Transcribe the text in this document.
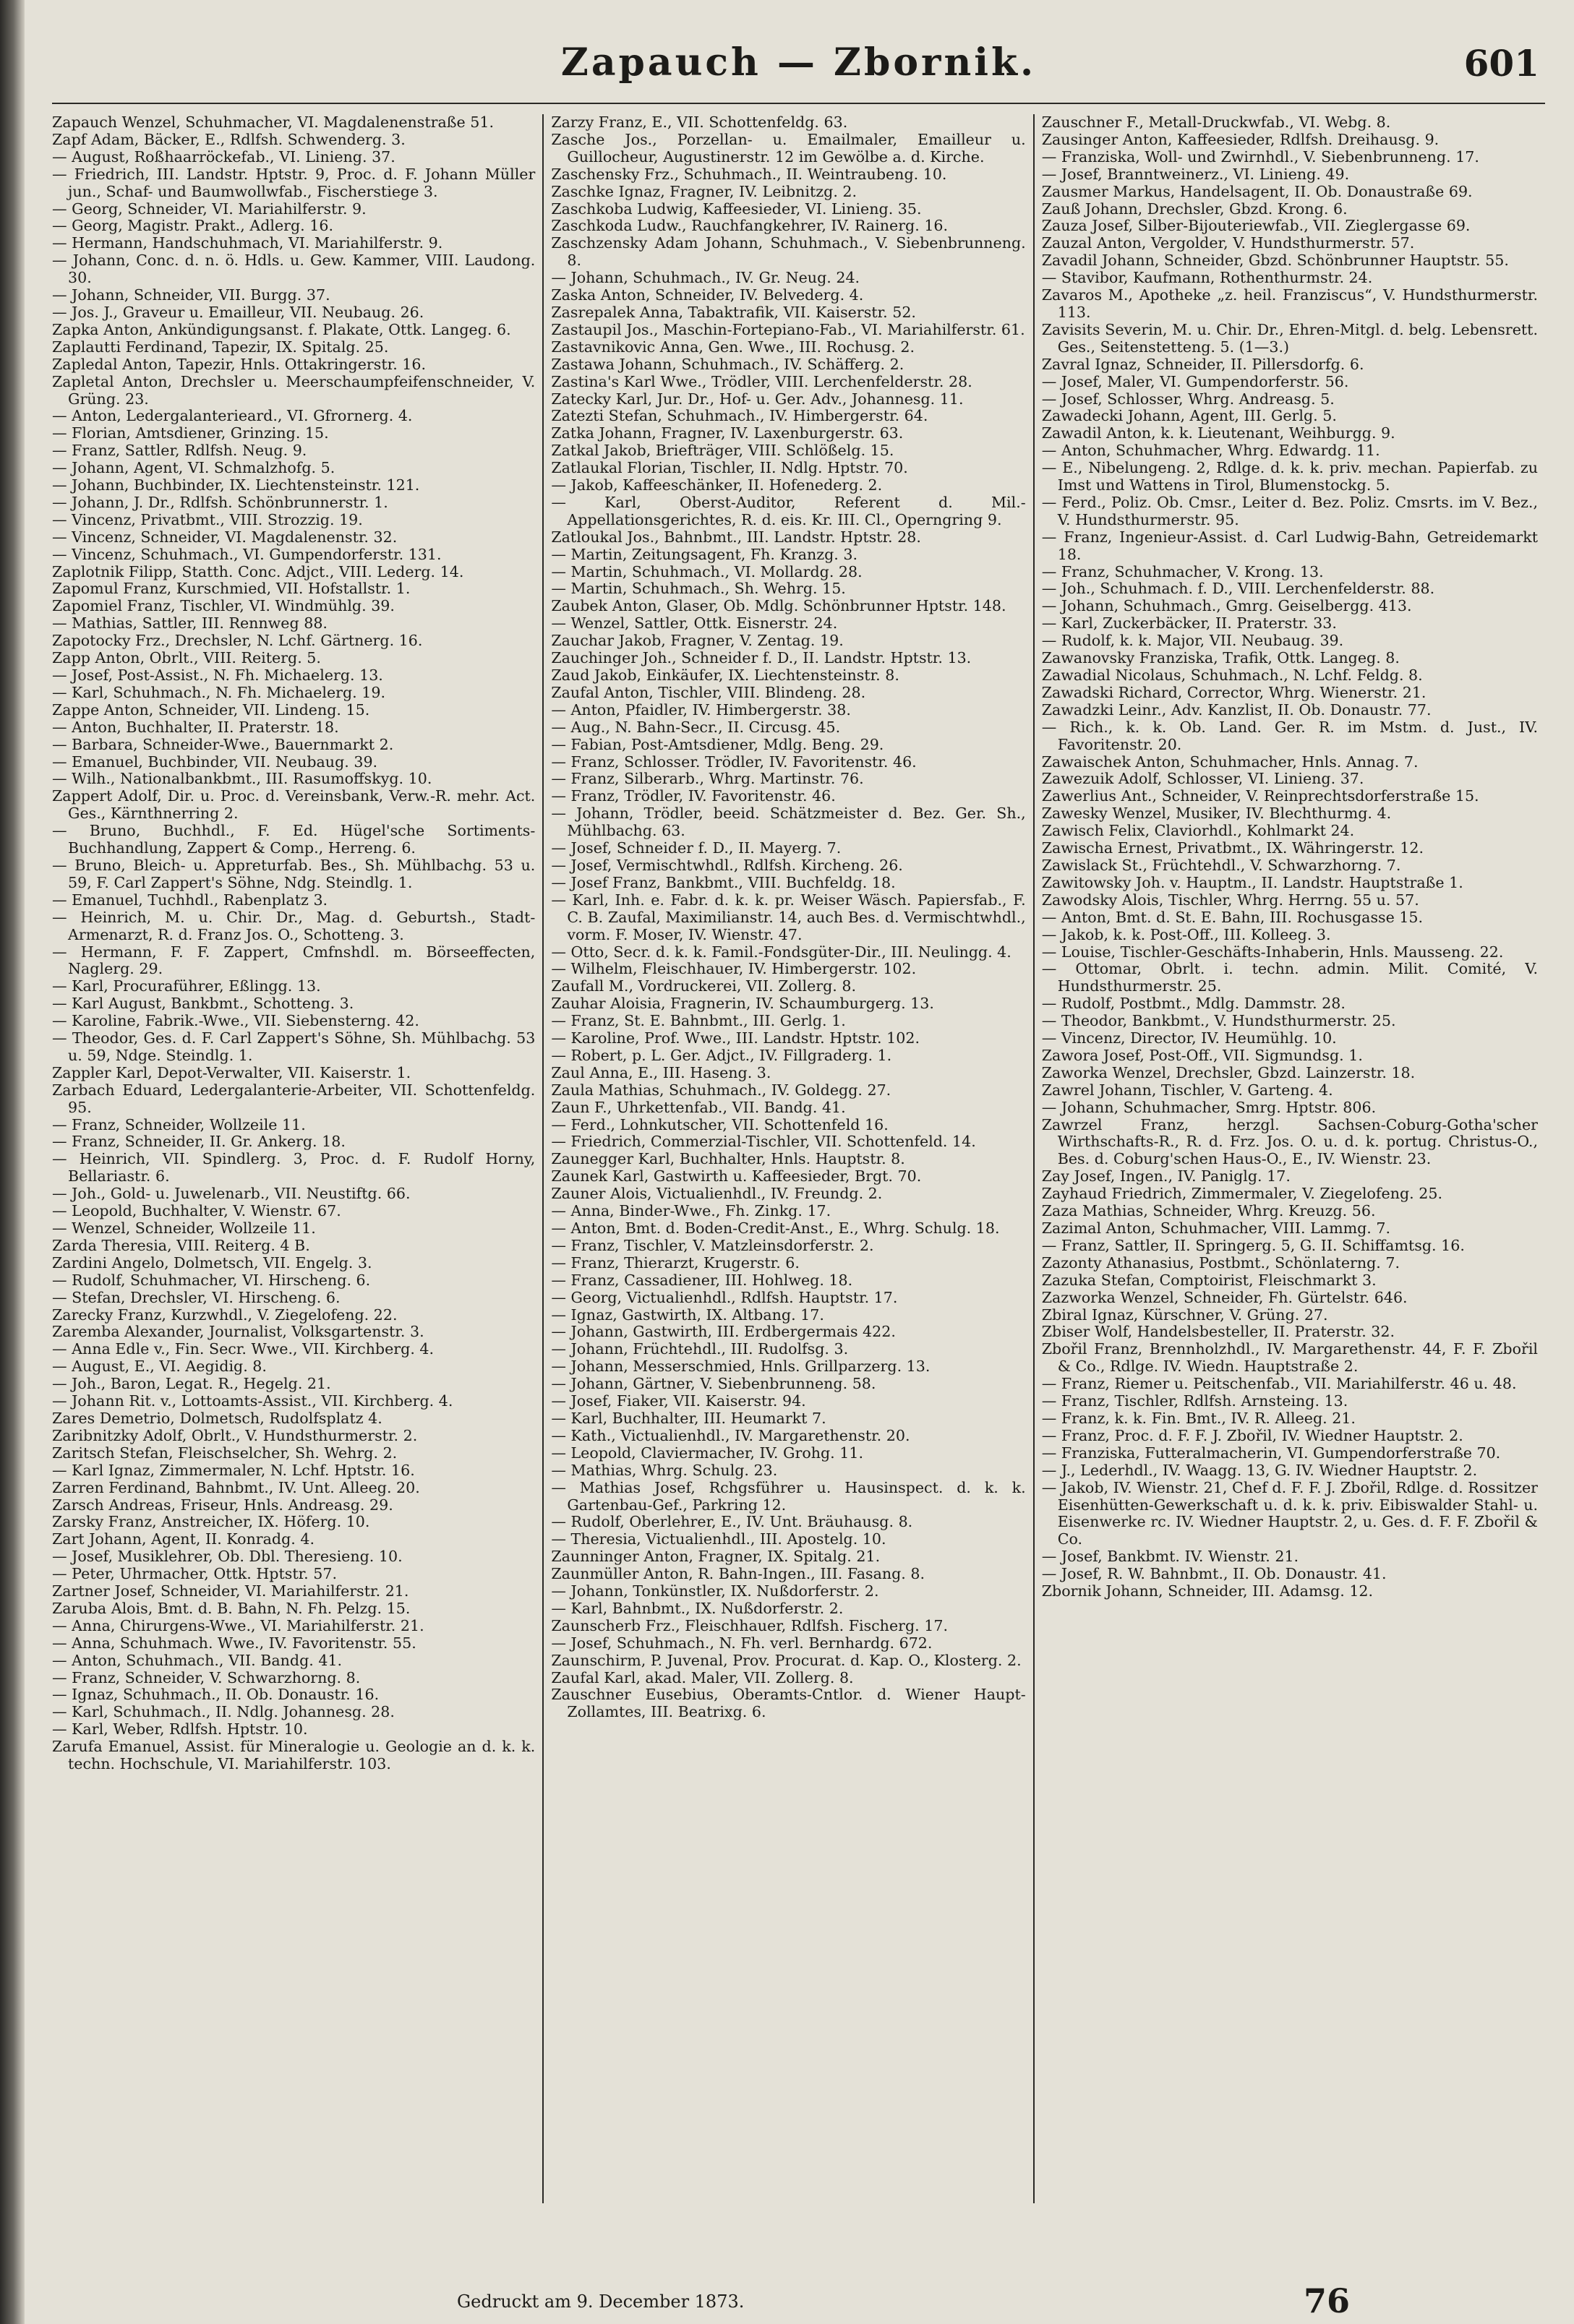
Zapauch — Zbornik.	601
Zapauch Wenzel, Schuhmacher, VI. Magdalenenstraße 51.
Zapf Adam, Bäcker, E., Rdlfsh. Schwenderg. 3.
— August, Roßhaarröckefab., VI. Linieng. 37.
— Friedrich, III. Landstr. Hptstr. 9, Proc. d. F. Johann Müller jun., Schaf- und Baumwollwfab., Fischerstiege 3.
— Georg, Schneider, VI. Mariahilferstr. 9.
— Georg, Magistr. Prakt., Adlerg. 16.
— Hermann, Handschuhmach, VI. Mariahilferstr. 9.
— Johann, Conc. d. n. ö. Hdls. u. Gew. Kammer, VIII. Laudong. 30.
— Johann, Schneider, VII. Burgg. 37.
— Jos. J., Graveur u. Emailleur, VII. Neubaug. 26.
Zapka Anton, Ankündigungsanst. f. Plakate, Ottk. Langeg. 6.
Zaplautti Ferdinand, Tapezir, IX. Spitalg. 25.
Zapledal Anton, Tapezir, Hnls. Ottakringerstr. 16.
Zapletal Anton, Drechsler u. Meerschaumpfeifenschneider, V. Grüng. 23.
— Anton, Ledergalanterieard., VI. Gfrornerg. 4.
— Florian, Amtsdiener, Grinzing. 15.
— Franz, Sattler, Rdlfsh. Neug. 9.
— Johann, Agent, VI. Schmalzhofg. 5.
— Johann, Buchbinder, IX. Liechtensteinstr. 121.
— Johann, J. Dr., Rdlfsh. Schönbrunnerstr. 1.
— Vincenz, Privatbmt., VIII. Strozzig. 19.
— Vincenz, Schneider, VI. Magdalenenstr. 32.
— Vincenz, Schuhmach., VI. Gumpendorferstr. 131.
Zaplotnik Filipp, Statth. Conc. Adjct., VIII. Lederg. 14.
Zapomul Franz, Kurschmied, VII. Hofstallstr. 1.
Zapomiel Franz, Tischler, VI. Windmühlg. 39.
— Mathias, Sattler, III. Rennweg 88.
Zapotocky Frz., Drechsler, N. Lchf. Gärtnerg. 16.
Zapp Anton, Obrlt., VIII. Reiterg. 5.
— Josef, Post-Assist., N. Fh. Michaelerg. 13.
— Karl, Schuhmach., N. Fh. Michaelerg. 19.
Zappe Anton, Schneider, VII. Lindeng. 15.
— Anton, Buchhalter, II. Praterstr. 18.
— Barbara, Schneider-Wwe., Bauernmarkt 2.
— Emanuel, Buchbinder, VII. Neubaug. 39.
— Wilh., Nationalbankbmt., III. Rasumoffskyg. 10.
Zappert Adolf, Dir. u. Proc. d. Vereinsbank, Verw.-R. mehr. Act. Ges., Kärnthnerring 2.
— Bruno, Buchhdl., F. Ed. Hügel'sche Sortiments-Buchhandlung, Zappert & Comp., Herreng. 6.
— Bruno, Bleich- u. Appreturfab. Bes., Sh. Mühlbachg. 53 u. 59, F. Carl Zappert's Söhne, Ndg. Steindlg. 1.
— Emanuel, Tuchhdl., Rabenplatz 3.
— Heinrich, M. u. Chir. Dr., Mag. d. Geburtsh., Stadt-Armenarzt, R. d. Franz Jos. O., Schotteng. 3.
— Hermann, F. F. Zappert, Cmfnshdl. m. Börseeffecten, Naglerg. 29.
— Karl, Procuraführer, Eßlingg. 13.
— Karl August, Bankbmt., Schotteng. 3.
— Karoline, Fabrik.-Wwe., VII. Siebensterng. 42.
— Theodor, Ges. d. F. Carl Zappert's Söhne, Sh. Mühlbachg. 53 u. 59, Ndge. Steindlg. 1.
Zappler Karl, Depot-Verwalter, VII. Kaiserstr. 1.
Zarbach Eduard, Ledergalanterie-Arbeiter, VII. Schottenfeldg. 95.
— Franz, Schneider, Wollzeile 11.
— Franz, Schneider, II. Gr. Ankerg. 18.
— Heinrich, VII. Spindlerg. 3, Proc. d. F. Rudolf Horny, Bellariastr. 6.
— Joh., Gold- u. Juwelenarb., VII. Neustiftg. 66.
— Leopold, Buchhalter, V. Wienstr. 67.
— Wenzel, Schneider, Wollzeile 11.
Zarda Theresia, VIII. Reiterg. 4 B.
Zardini Angelo, Dolmetsch, VII. Engelg. 3.
— Rudolf, Schuhmacher, VI. Hirscheng. 6.
— Stefan, Drechsler, VI. Hirscheng. 6.
Zarecky Franz, Kurzwhdl., V. Ziegelofeng. 22.
Zaremba Alexander, Journalist, Volksgartenstr. 3.
— Anna Edle v., Fin. Secr. Wwe., VII. Kirchberg. 4.
— August, E., VI. Aegidig. 8.
— Joh., Baron, Legat. R., Hegelg. 21.
— Johann Rit. v., Lottoamts-Assist., VII. Kirchberg. 4.
Zares Demetrio, Dolmetsch, Rudolfsplatz 4.
Zaribnitzky Adolf, Obrlt., V. Hundsthurmerstr. 2.
Zaritsch Stefan, Fleischselcher, Sh. Wehrg. 2.
— Karl Ignaz, Zimmermaler, N. Lchf. Hptstr. 16.
Zarren Ferdinand, Bahnbmt., IV. Unt. Alleeg. 20.
Zarsch Andreas, Friseur, Hnls. Andreasg. 29.
Zarsky Franz, Anstreicher, IX. Höferg. 10.
Zart Johann, Agent, II. Konradg. 4.
— Josef, Musiklehrer, Ob. Dbl. Theresieng. 10.
— Peter, Uhrmacher, Ottk. Hptstr. 57.
Zartner Josef, Schneider, VI. Mariahilferstr. 21.
Zaruba Alois, Bmt. d. B. Bahn, N. Fh. Pelzg. 15.
— Anna, Chirurgens-Wwe., VI. Mariahilferstr. 21.
— Anna, Schuhmach. Wwe., IV. Favoritenstr. 55.
— Anton, Schuhmach., VII. Bandg. 41.
— Franz, Schneider, V. Schwarzhorng. 8.
— Ignaz, Schuhmach., II. Ob. Donaustr. 16.
— Karl, Schuhmach., II. Ndlg. Johannesg. 28.
— Karl, Weber, Rdlfsh. Hptstr. 10.
Zarufa Emanuel, Assist. für Mineralogie u. Geologie an d. k. k. techn. Hochschule, VI. Mariahilferstr. 103.
Zarzy Franz, E., VII. Schottenfeldg. 63.
Zasche Jos., Porzellan- u. Emailmaler, Emailleur u. Guillocheur, Augustinerstr. 12 im Gewölbe a. d. Kirche.
Zaschensky Frz., Schuhmach., II. Weintraubeng. 10.
Zaschke Ignaz, Fragner, IV. Leibnitzg. 2.
Zaschkoba Ludwig, Kaffeesieder, VI. Linieng. 35.
Zaschkoda Ludw., Rauchfangkehrer, IV. Rainerg. 16.
Zaschzensky Adam Johann, Schuhmach., V. Siebenbrunneng. 8.
— Johann, Schuhmach., IV. Gr. Neug. 24.
Zaska Anton, Schneider, IV. Belvederg. 4.
Zasrepalek Anna, Tabaktrafik, VII. Kaiserstr. 52.
Zastaupil Jos., Maschin-Fortepiano-Fab., VI. Mariahilferstr. 61.
Zastavnikovic Anna, Gen. Wwe., III. Rochusg. 2.
Zastawa Johann, Schuhmach., IV. Schäfferg. 2.
Zastina's Karl Wwe., Trödler, VIII. Lerchenfelderstr. 28.
Zatecky Karl, Jur. Dr., Hof- u. Ger. Adv., Johannesg. 11.
Zatezti Stefan, Schuhmach., IV. Himbergerstr. 64.
Zatka Johann, Fragner, IV. Laxenburgerstr. 63.
Zatkal Jakob, Briefträger, VIII. Schlößelg. 15.
Zatlaukal Florian, Tischler, II. Ndlg. Hptstr. 70.
— Jakob, Kaffeeschänker, II. Hofenederg. 2.
— Karl, Oberst-Auditor, Referent d. Mil.-Appellationsgerichtes, R. d. eis. Kr. III. Cl., Operngring 9.
Zatloukal Jos., Bahnbmt., III. Landstr. Hptstr. 28.
— Martin, Zeitungsagent, Fh. Kranzg. 3.
— Martin, Schuhmach., VI. Mollardg. 28.
— Martin, Schuhmach., Sh. Wehrg. 15.
Zaubek Anton, Glaser, Ob. Mdlg. Schönbrunner Hptstr. 148.
— Wenzel, Sattler, Ottk. Eisnerstr. 24.
Zauchar Jakob, Fragner, V. Zentag. 19.
Zauchinger Joh., Schneider f. D., II. Landstr. Hptstr. 13.
Zaud Jakob, Einkäufer, IX. Liechtensteinstr. 8.
Zaufal Anton, Tischler, VIII. Blindeng. 28.
— Anton, Pfaidler, IV. Himbergerstr. 38.
— Aug., N. Bahn-Secr., II. Circusg. 45.
— Fabian, Post-Amtsdiener, Mdlg. Beng. 29.
— Franz, Schlosser. Trödler, IV. Favoritenstr. 46.
— Franz, Silberarb., Whrg. Martinstr. 76.
— Franz, Trödler, IV. Favoritenstr. 46.
— Johann, Trödler, beeid. Schätzmeister d. Bez. Ger. Sh., Mühlbachg. 63.
— Josef, Schneider f. D., II. Mayerg. 7.
— Josef, Vermischtwhdl., Rdlfsh. Kircheng. 26.
— Josef Franz, Bankbmt., VIII. Buchfeldg. 18.
— Karl, Inh. e. Fabr. d. k. k. pr. Weiser Wäsch. Papiersfab., F. C. B. Zaufal, Maximilianstr. 14, auch Bes. d. Vermischtwhdl., vorm. F. Moser, IV. Wienstr. 47.
— Otto, Secr. d. k. k. Famil.-Fondsgüter-Dir., III. Neulingg. 4.
— Wilhelm, Fleischhauer, IV. Himbergerstr. 102.
Zaufall M., Vordruckerei, VII. Zollerg. 8.
Zauhar Aloisia, Fragnerin, IV. Schaumburgerg. 13.
— Franz, St. E. Bahnbmt., III. Gerlg. 1.
— Karoline, Prof. Wwe., III. Landstr. Hptstr. 102.
— Robert, p. L. Ger. Adjct., IV. Fillgraderg. 1.
Zaul Anna, E., III. Haseng. 3.
Zaula Mathias, Schuhmach., IV. Goldegg. 27.
Zaun F., Uhrkettenfab., VII. Bandg. 41.
— Ferd., Lohnkutscher, VII. Schottenfeld 16.
— Friedrich, Commerzial-Tischler, VII. Schottenfeld. 14.
Zaunegger Karl, Buchhalter, Hnls. Hauptstr. 8.
Zaunek Karl, Gastwirth u. Kaffeesieder, Brgt. 70.
Zauner Alois, Victualienhdl., IV. Freundg. 2.
— Anna, Binder-Wwe., Fh. Zinkg. 17.
— Anton, Bmt. d. Boden-Credit-Anst., E., Whrg. Schulg. 18.
— Franz, Tischler, V. Matzleinsdorferstr. 2.
— Franz, Thierarzt, Krugerstr. 6.
— Franz, Cassadiener, III. Hohlweg. 18.
— Georg, Victualienhdl., Rdlfsh. Hauptstr. 17.
— Ignaz, Gastwirth, IX. Altbang. 17.
— Johann, Gastwirth, III. Erdbergermais 422.
— Johann, Früchtehdl., III. Rudolfsg. 3.
— Johann, Messerschmied, Hnls. Grillparzerg. 13.
— Johann, Gärtner, V. Siebenbrunneng. 58.
— Josef, Fiaker, VII. Kaiserstr. 94.
— Karl, Buchhalter, III. Heumarkt 7.
— Kath., Victualienhdl., IV. Margarethenstr. 20.
— Leopold, Claviermacher, IV. Grohg. 11.
— Mathias, Whrg. Schulg. 23.
— Mathias Josef, Rchgsführer u. Hausinspect. d. k. k. Gartenbau-Gef., Parkring 12.
— Rudolf, Oberlehrer, E., IV. Unt. Bräuhausg. 8.
— Theresia, Victualienhdl., III. Apostelg. 10.
Zaunninger Anton, Fragner, IX. Spitalg. 21.
Zaunmüller Anton, R. Bahn-Ingen., III. Fasang. 8.
— Johann, Tonkünstler, IX. Nußdorferstr. 2.
— Karl, Bahnbmt., IX. Nußdorferstr. 2.
Zaunscherb Frz., Fleischhauer, Rdlfsh. Fischerg. 17.
— Josef, Schuhmach., N. Fh. verl. Bernhardg. 672.
Zaunschirm, P. Juvenal, Prov. Procurat. d. Kap. O., Klosterg. 2.
Zaufal Karl, akad. Maler, VII. Zollerg. 8.
Zauschner Eusebius, Oberamts-Cntlor. d. Wiener Haupt-Zollamtes, III. Beatrixg. 6.
Zauschner F., Metall-Druckwfab., VI. Webg. 8.
Zausinger Anton, Kaffeesieder, Rdlfsh. Dreihausg. 9.
— Franziska, Woll- und Zwirnhdl., V. Siebenbrunneng. 17.
— Josef, Branntweinerz., VI. Linieng. 49.
Zausmer Markus, Handelsagent, II. Ob. Donaustraße 69.
Zauß Johann, Drechsler, Gbzd. Krong. 6.
Zauza Josef, Silber-Bijouteriewfab., VII. Zieglergasse 69.
Zauzal Anton, Vergolder, V. Hundsthurmerstr. 57.
Zavadil Johann, Schneider, Gbzd. Schönbrunner Hauptstr. 55.
— Stavibor, Kaufmann, Rothenthurmstr. 24.
Zavaros M., Apotheke „z. heil. Franziscus“, V. Hundsthurmerstr. 113.
Zavisits Severin, M. u. Chir. Dr., Ehren-Mitgl. d. belg. Lebensrett. Ges., Seitenstetteng. 5. (1—3.)
Zavral Ignaz, Schneider, II. Pillersdorfg. 6.
— Josef, Maler, VI. Gumpendorferstr. 56.
— Josef, Schlosser, Whrg. Andreasg. 5.
Zawadecki Johann, Agent, III. Gerlg. 5.
Zawadil Anton, k. k. Lieutenant, Weihburgg. 9.
— Anton, Schuhmacher, Whrg. Edwardg. 11.
— E., Nibelungeng. 2, Rdlge. d. k. k. priv. mechan. Papierfab. zu Imst und Wattens in Tirol, Blumenstockg. 5.
— Ferd., Poliz. Ob. Cmsr., Leiter d. Bez. Poliz. Cmsrts. im V. Bez., V. Hundsthurmerstr. 95.
— Franz, Ingenieur-Assist. d. Carl Ludwig-Bahn, Getreidemarkt 18.
— Franz, Schuhmacher, V. Krong. 13.
— Joh., Schuhmach. f. D., VIII. Lerchenfelderstr. 88.
— Johann, Schuhmach., Gmrg. Geiselbergg. 413.
— Karl, Zuckerbäcker, II. Praterstr. 33.
— Rudolf, k. k. Major, VII. Neubaug. 39.
Zawanovsky Franziska, Trafik, Ottk. Langeg. 8.
Zawadial Nicolaus, Schuhmach., N. Lchf. Feldg. 8.
Zawadski Richard, Corrector, Whrg. Wienerstr. 21.
Zawadzki Leinr., Adv. Kanzlist, II. Ob. Donaustr. 77.
— Rich., k. k. Ob. Land. Ger. R. im Mstm. d. Just., IV. Favoritenstr. 20.
Zawaischek Anton, Schuhmacher, Hnls. Annag. 7.
Zawezuik Adolf, Schlosser, VI. Linieng. 37.
Zawerlius Ant., Schneider, V. Reinprechtsdorferstraße 15.
Zawesky Wenzel, Musiker, IV. Blechthurmg. 4.
Zawisch Felix, Claviorhdl., Kohlmarkt 24.
Zawischa Ernest, Privatbmt., IX. Währingerstr. 12.
Zawislack St., Früchtehdl., V. Schwarzhorng. 7.
Zawitowsky Joh. v. Hauptm., II. Landstr. Hauptstraße 1.
Zawodsky Alois, Tischler, Whrg. Herrng. 55 u. 57.
— Anton, Bmt. d. St. E. Bahn, III. Rochusgasse 15.
— Jakob, k. k. Post-Off., III. Kolleeg. 3.
— Louise, Tischler-Geschäfts-Inhaberin, Hnls. Mausseng. 22.
— Ottomar, Obrlt. i. techn. admin. Milit. Comité, V. Hundsthurmerstr. 25.
— Rudolf, Postbmt., Mdlg. Dammstr. 28.
— Theodor, Bankbmt., V. Hundsthurmerstr. 25.
— Vincenz, Director, IV. Heumühlg. 10.
Zawora Josef, Post-Off., VII. Sigmundsg. 1.
Zaworka Wenzel, Drechsler, Gbzd. Lainzerstr. 18.
Zawrel Johann, Tischler, V. Garteng. 4.
— Johann, Schuhmacher, Smrg. Hptstr. 806.
Zawrzel Franz, herzgl. Sachsen-Coburg-Gotha'scher Wirthschafts-R., R. d. Frz. Jos. O. u. d. k. portug. Christus-O., Bes. d. Coburg'schen Haus-O., E., IV. Wienstr. 23.
Zay Josef, Ingen., IV. Paniglg. 17.
Zayhaud Friedrich, Zimmermaler, V. Ziegelofeng. 25.
Zaza Mathias, Schneider, Whrg. Kreuzg. 56.
Zazimal Anton, Schuhmacher, VIII. Lammg. 7.
— Franz, Sattler, II. Springerg. 5, G. II. Schiffamtsg. 16.
Zazonty Athanasius, Postbmt., Schönlaterng. 7.
Zazuka Stefan, Comptoirist, Fleischmarkt 3.
Zazworka Wenzel, Schneider, Fh. Gürtelstr. 646.
Zbiral Ignaz, Kürschner, V. Grüng. 27.
Zbiser Wolf, Handelsbesteller, II. Praterstr. 32.
Zbořil Franz, Brennholzhdl., IV. Margarethenstr. 44, F. F. Zbořil & Co., Rdlge. IV. Wiedn. Hauptstraße 2.
— Franz, Riemer u. Peitschenfab., VII. Mariahilferstr. 46 u. 48.
— Franz, Tischler, Rdlfsh. Arnsteing. 13.
— Franz, k. k. Fin. Bmt., IV. R. Alleeg. 21.
— Franz, Proc. d. F. F. J. Zbořil, IV. Wiedner Hauptstr. 2.
— Franziska, Futteralmacherin, VI. Gumpendorferstraße 70.
— J., Lederhdl., IV. Waagg. 13, G. IV. Wiedner Hauptstr. 2.
— Jakob, IV. Wienstr. 21, Chef d. F. F. J. Zbořil, Rdlge. d. Rossitzer Eisenhütten-Gewerkschaft u. d. k. k. priv. Eibiswalder Stahl- u. Eisenwerke rc. IV. Wiedner Hauptstr. 2, u. Ges. d. F. F. Zbořil & Co.
— Josef, Bankbmt. IV. Wienstr. 21.
— Josef, R. W. Bahnbmt., II. Ob. Donaustr. 41.
Zbornik Johann, Schneider, III. Adamsg. 12.
Gedruckt am 9. December 1873.	76
